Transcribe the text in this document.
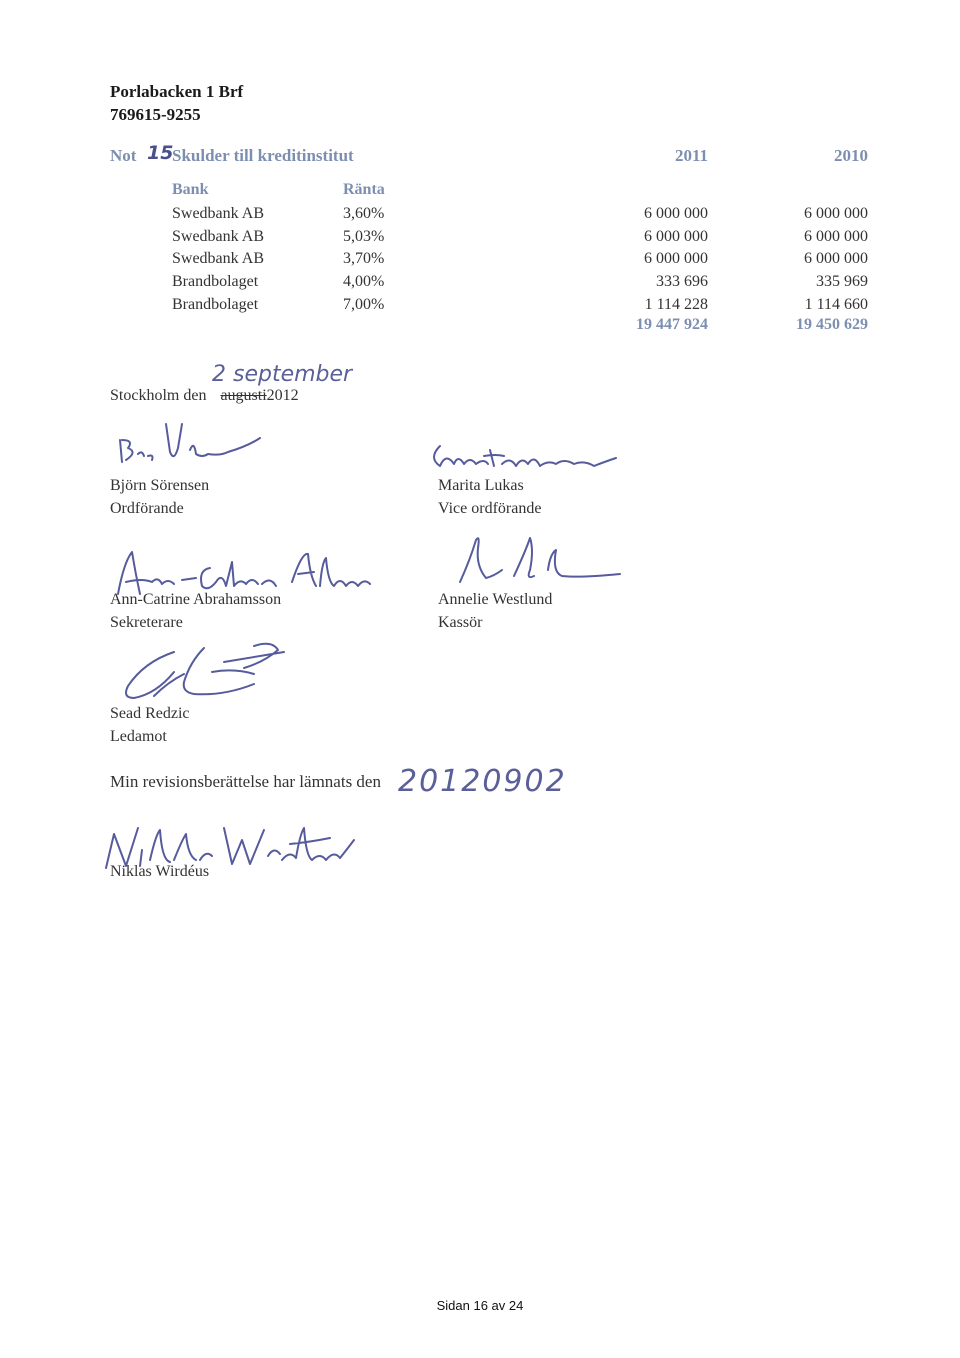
Porlabacken 1 Brf
769615-9255
Not 15
Skulder till kreditinstitut	2011	2010
Bank	Ränta
Swedbank AB	3,60%	6 000 000	6 000 000
Swedbank AB	5,03%	6 000 000	6 000 000
Swedbank AB	3,70%	6 000 000	6 000 000
Brandbolaget	4,00%	333 696	335 969
Brandbolaget	7,00%	1 114 228	1 114 660
19 447 924	19 450 629
2 september
Stockholm den augusti2012
Björn Sörensen
Ordförande
Marita Lukas
Vice ordförande
Ann-Catrine Abrahamsson
Sekreterare
Annelie Westlund
Kassör
Sead Redzic
Ledamot
Min revisionsberättelse har lämnats den 20120902
Niklas Wirdéus
Sidan 16 av 24
